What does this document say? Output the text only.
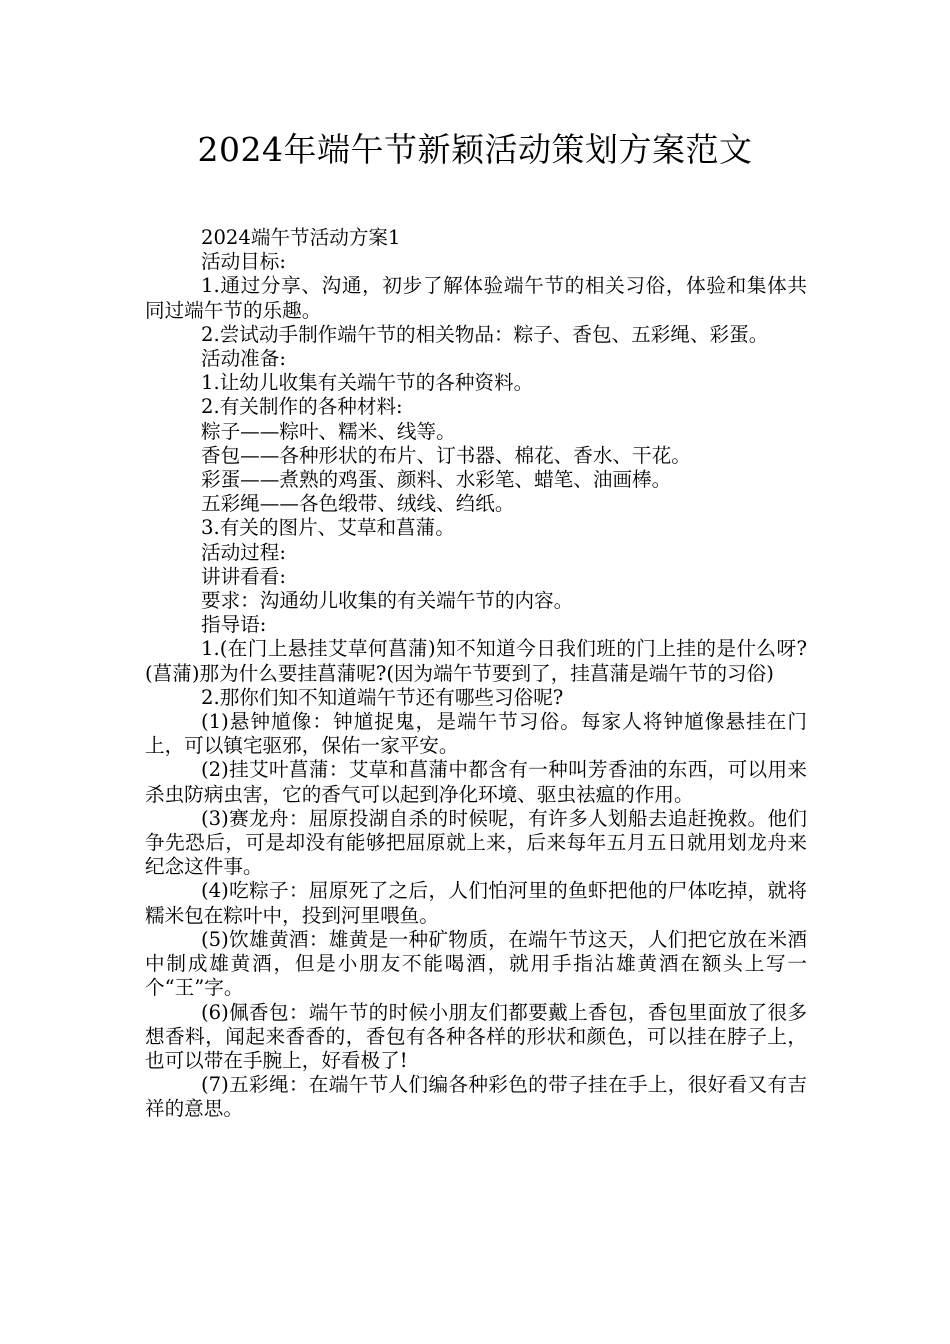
2024年端午节新颖活动策划方案范文

2024端午节活动方案1

活动目标:

1.通过分享、沟通，初步了解体验端午节的相关习俗，体验和集体共同过端午节的乐趣。

2.尝试动手制作端午节的相关物品：粽子、香包、五彩绳、彩蛋。

活动准备:

1.让幼儿收集有关端午节的各种资料。

2.有关制作的各种材料:

粽子——粽叶、糯米、线等。

香包——各种形状的布片、订书器、棉花、香水、干花。

彩蛋——煮熟的鸡蛋、颜料、水彩笔、蜡笔、油画棒。

五彩绳——各色缎带、绒线、绉纸。

3.有关的图片、艾草和菖蒲。

活动过程:

讲讲看看:

要求：沟通幼儿收集的有关端午节的内容。

指导语:

1.(在门上悬挂艾草何菖蒲)知不知道今日我们班的门上挂的是什么呀?(菖蒲)那为什么要挂菖蒲呢?(因为端午节要到了，挂菖蒲是端午节的习俗)

2.那你们知不知道端午节还有哪些习俗呢?

(1)悬钟馗像：钟馗捉鬼，是端午节习俗。每家人将钟馗像悬挂在门上，可以镇宅驱邪，保佑一家平安。

(2)挂艾叶菖蒲：艾草和菖蒲中都含有一种叫芳香油的东西，可以用来杀虫防病虫害，它的香气可以起到净化环境、驱虫祛瘟的作用。

(3)赛龙舟：屈原投湖自杀的时候呢，有许多人划船去追赶挽救。他们争先恐后，可是却没有能够把屈原就上来，后来每年五月五日就用划龙舟来纪念这件事。

(4)吃粽子：屈原死了之后，人们怕河里的鱼虾把他的尸体吃掉，就将糯米包在粽叶中，投到河里喂鱼。

(5)饮雄黄酒：雄黄是一种矿物质，在端午节这天，人们把它放在米酒中制成雄黄酒，但是小朋友不能喝酒，就用手指沾雄黄酒在额头上写一个“王”字。

(6)佩香包：端午节的时候小朋友们都要戴上香包，香包里面放了很多想香料，闻起来香香的，香包有各种各样的形状和颜色，可以挂在脖子上，也可以带在手腕上，好看极了!

(7)五彩绳：在端午节人们编各种彩色的带子挂在手上，很好看又有吉祥的意思。
